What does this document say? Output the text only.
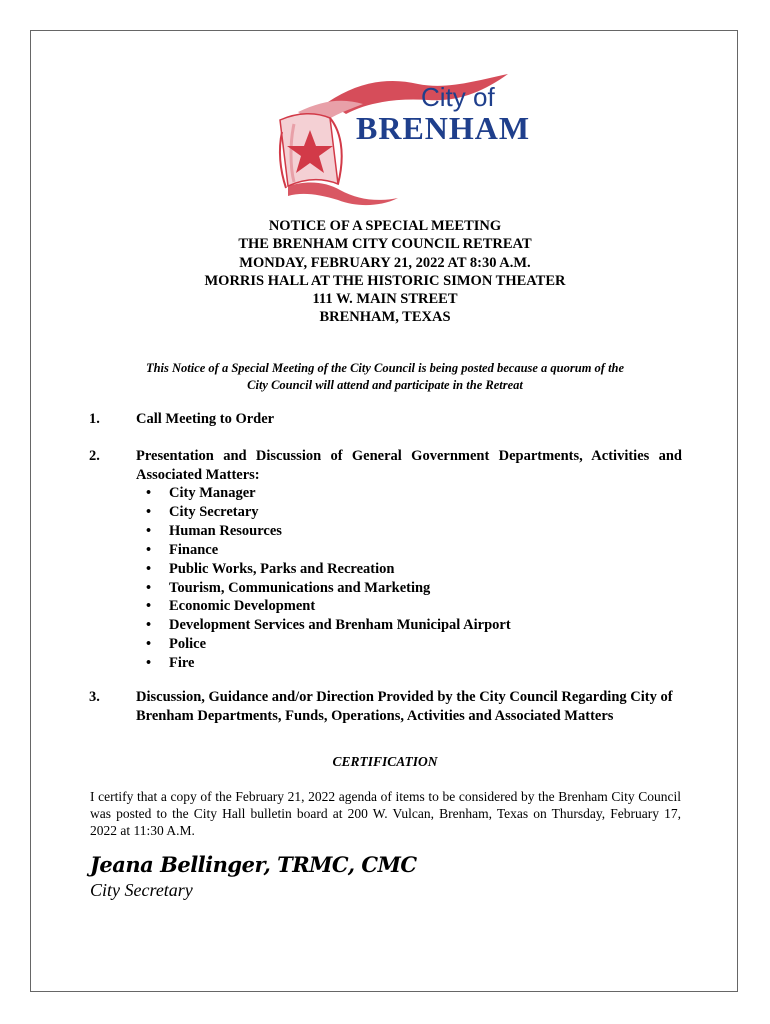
City of
BRENHAM
NOTICE OF A SPECIAL MEETING
THE BRENHAM CITY COUNCIL RETREAT
MONDAY, FEBRUARY 21, 2022 AT 8:30 A.M.
MORRIS HALL AT THE HISTORIC SIMON THEATER
111 W. MAIN STREET
BRENHAM, TEXAS
This Notice of a Special Meeting of the City Council is being posted because a quorum of the
City Council will attend and participate in the Retreat
1. Call Meeting to Order
2. Presentation and Discussion of General Government Departments, Activities and Associated Matters:
• City Manager
• City Secretary
• Human Resources
• Finance
• Public Works, Parks and Recreation
• Tourism, Communications and Marketing
• Economic Development
• Development Services and Brenham Municipal Airport
• Police
• Fire
3. Discussion, Guidance and/or Direction Provided by the City Council Regarding City of Brenham Departments, Funds, Operations, Activities and Associated Matters
CERTIFICATION
I certify that a copy of the February 21, 2022 agenda of items to be considered by the Brenham City Council was posted to the City Hall bulletin board at 200 W. Vulcan, Brenham, Texas on Thursday, February 17, 2022 at 11:30 A.M.
Jeana Bellinger, TRMC, CMC
City Secretary
